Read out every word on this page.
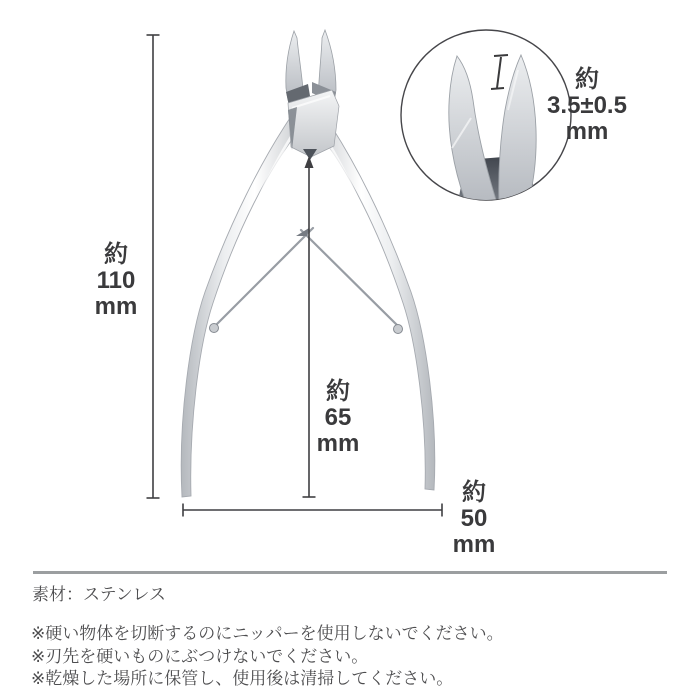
約
110
mm
約
65
mm
約
50
mm
約
3.5±0.5
mm
素材：ステンレス
※硬い物体を切断するのにニッパーを使用しないでください。
※刃先を硬いものにぶつけないでください。
※乾燥した場所に保管し、使用後は清掃してください。
